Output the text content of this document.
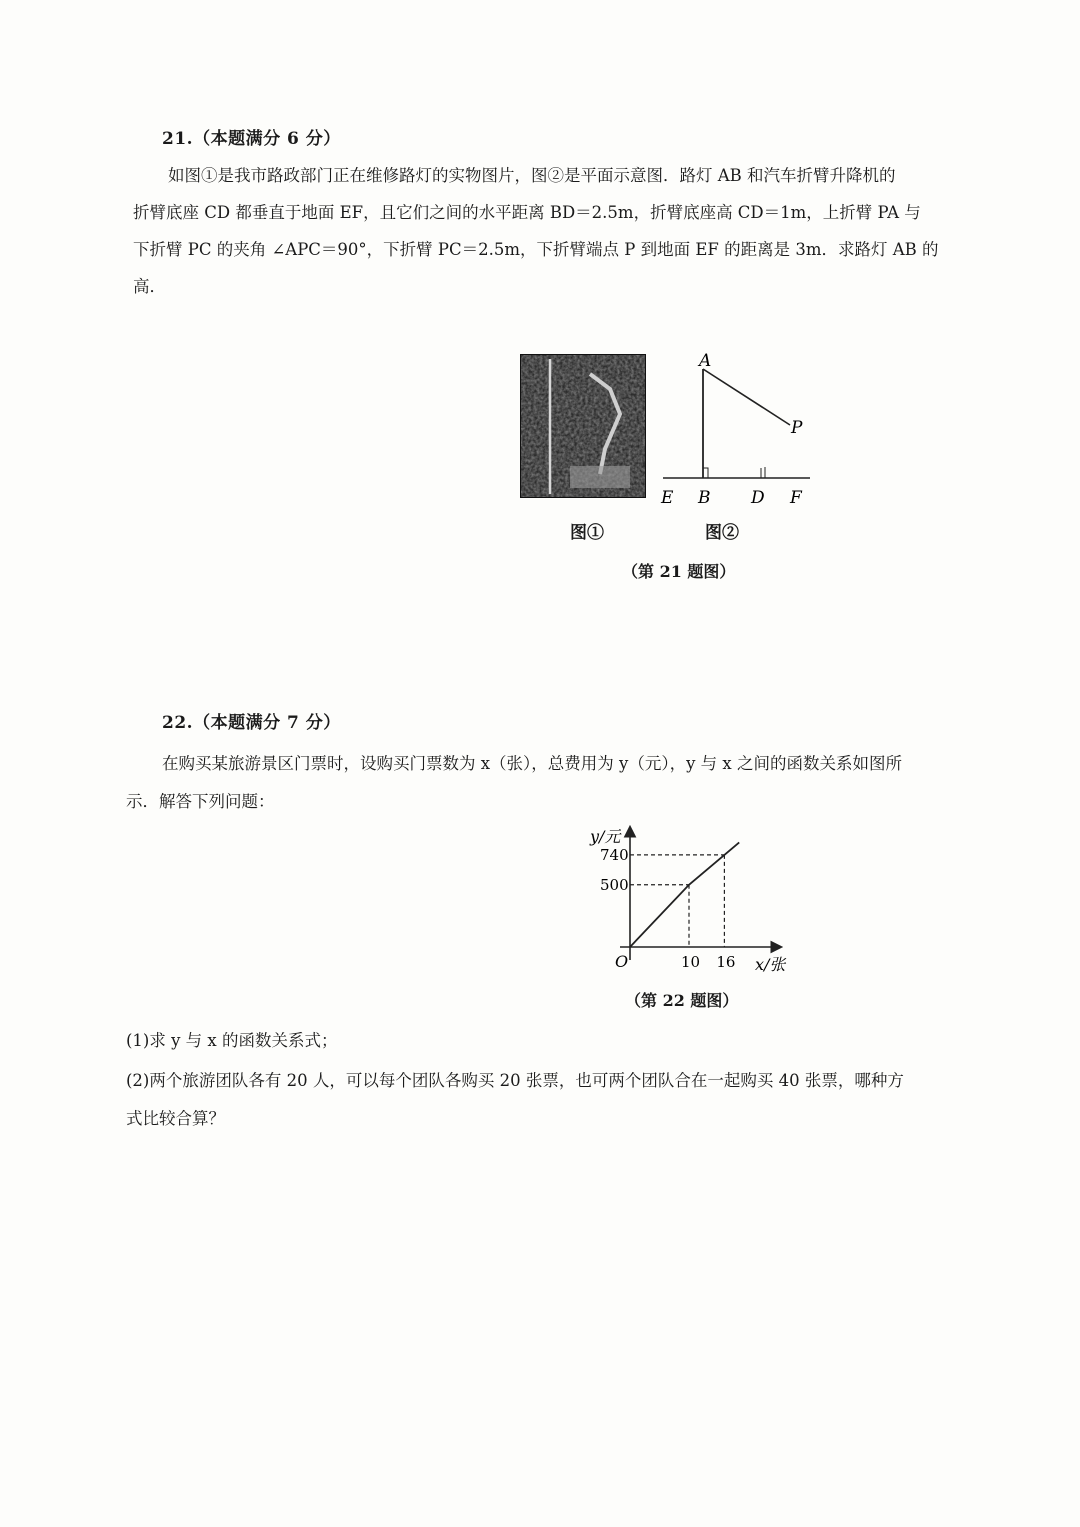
21.（本题满分 6 分）
如图①是我市路政部门正在维修路灯的实物图片，图②是平面示意图．路灯 AB 和汽车折臂升降机的
折臂底座 CD 都垂直于地面 EF，且它们之间的水平距离 BD＝2.5m，折臂底座高 CD＝1m，上折臂 PA 与
下折臂 PC 的夹角 ∠APC＝90°，下折臂 PC＝2.5m，下折臂端点 P 到地面 EF 的距离是 3m．求路灯 AB 的
高．
A
P
E B D F
图①	图②
（第 21 题图）
22.（本题满分 7 分）
在购买某旅游景区门票时，设购买门票数为 x（张），总费用为 y（元），y 与 x 之间的函数关系如图所
示．解答下列问题：
y/元
x/张
O	10
500
16
740
（第 22 题图）
(1)求 y 与 x 的函数关系式；
(2)两个旅游团队各有 20 人，可以每个团队各购买 20 张票，也可两个团队合在一起购买 40 张票，哪种方
式比较合算？
